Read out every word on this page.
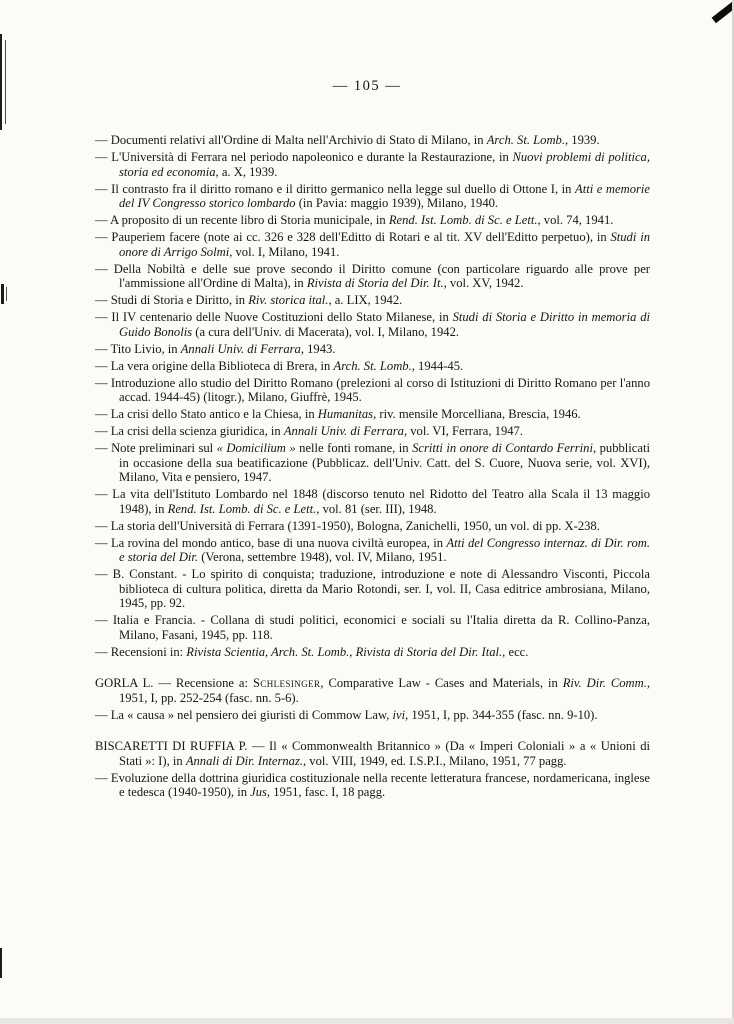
— 105 —

— Documenti relativi all'Ordine di Malta nell'Archivio di Stato di Milano, in Arch. St. Lomb., 1939.

— L'Università di Ferrara nel periodo napoleonico e durante la Restaurazione, in Nuovi problemi di politica, storia ed economia, a. X, 1939.

— Il contrasto fra il diritto romano e il diritto germanico nella legge sul duello di Ottone I, in Atti e memorie del IV Congresso storico lombardo (in Pavia: maggio 1939), Milano, 1940.

— A proposito di un recente libro di Storia municipale, in Rend. Ist. Lomb. di Sc. e Lett., vol. 74, 1941.

— Pauperiem facere (note ai cc. 326 e 328 dell'Editto di Rotari e al tit. XV dell'Editto perpetuo), in Studi in onore di Arrigo Solmi, vol. I, Milano, 1941.

— Della Nobiltà e delle sue prove secondo il Diritto comune (con particolare riguardo alle prove per l'ammissione all'Ordine di Malta), in Rivista di Storia del Dir. It., vol. XV, 1942.

— Studi di Storia e Diritto, in Riv. storica ital., a. LIX, 1942.

— Il IV centenario delle Nuove Costituzioni dello Stato Milanese, in Studi di Storia e Diritto in memoria di Guido Bonolis (a cura dell'Univ. di Macerata), vol. I, Milano, 1942.

— Tito Livio, in Annali Univ. di Ferrara, 1943.

— La vera origine della Biblioteca di Brera, in Arch. St. Lomb., 1944-45.

— Introduzione allo studio del Diritto Romano (prelezioni al corso di Istituzioni di Diritto Romano per l'anno accad. 1944-45) (litogr.), Milano, Giuffrè, 1945.

— La crisi dello Stato antico e la Chiesa, in Humanitas, riv. mensile Morcelliana, Brescia, 1946.

— La crisi della scienza giuridica, in Annali Univ. di Ferrara, vol. VI, Ferrara, 1947.

— Note preliminari sul « Domicilium » nelle fonti romane, in Scritti in onore di Contardo Ferrini, pubblicati in occasione della sua beatificazione (Pubblicaz. dell'Univ. Catt. del S. Cuore, Nuova serie, vol. XVI), Milano, Vita e pensiero, 1947.

— La vita dell'Istituto Lombardo nel 1848 (discorso tenuto nel Ridotto del Teatro alla Scala il 13 maggio 1948), in Rend. Ist. Lomb. di Sc. e Lett., vol. 81 (ser. III), 1948.

— La storia dell'Università di Ferrara (1391-1950), Bologna, Zanichelli, 1950, un vol. di pp. X-238.

— La rovina del mondo antico, base di una nuova civiltà europea, in Atti del Congresso internaz. di Dir. rom. e storia del Dir. (Verona, settembre 1948), vol. IV, Milano, 1951.

— B. Constant. - Lo spirito di conquista; traduzione, introduzione e note di Alessandro Visconti, Piccola biblioteca di cultura politica, diretta da Mario Rotondi, ser. I, vol. II, Casa editrice ambrosiana, Milano, 1945, pp. 92.

— Italia e Francia. - Collana di studi politici, economici e sociali su l'Italia diretta da R. Collino-Panza, Milano, Fasani, 1945, pp. 118.

— Recensioni in: Rivista Scientia, Arch. St. Lomb., Rivista di Storia del Dir. Ital., ecc.

GORLA L. — Recensione a: Schlesinger, Comparative Law - Cases and Materials, in Riv. Dir. Comm., 1951, I, pp. 252-254 (fasc. nn. 5-6).

— La « causa » nel pensiero dei giuristi di Commow Law, ivi, 1951, I, pp. 344-355 (fasc. nn. 9-10).

BISCARETTI DI RUFFIA P. — Il « Commonwealth Britannico » (Da « Imperi Coloniali » a « Unioni di Stati »: I), in Annali di Dir. Internaz., vol. VIII, 1949, ed. I.S.P.I., Milano, 1951, 77 pagg.

— Evoluzione della dottrina giuridica costituzionale nella recente letteratura francese, nordamericana, inglese e tedesca (1940-1950), in Jus, 1951, fasc. I, 18 pagg.
